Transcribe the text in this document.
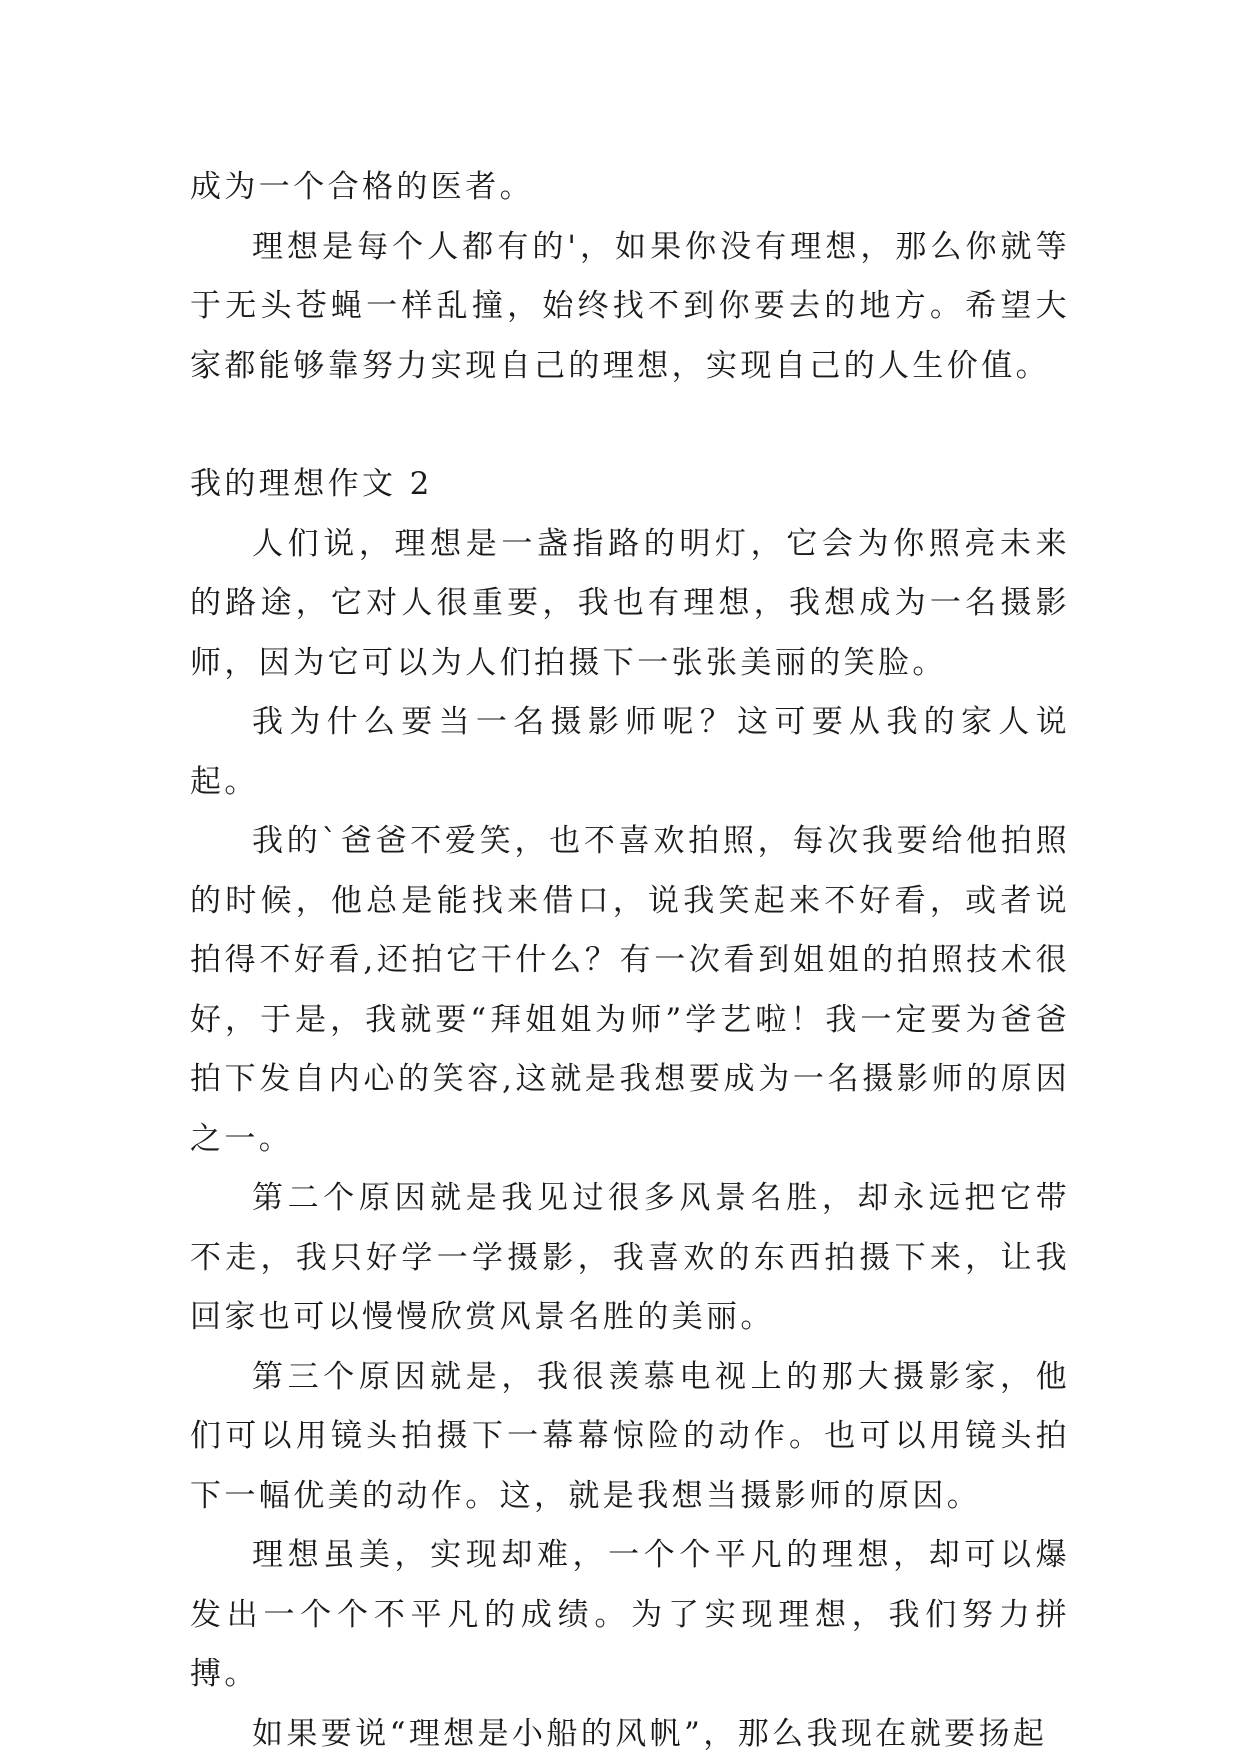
成为一个合格的医者。

理想是每个人都有的'，如果你没有理想，那么你就等于无头苍蝇一样乱撞，始终找不到你要去的地方。希望大家都能够靠努力实现自己的理想，实现自己的人生价值。

我的理想作文 2

人们说，理想是一盏指路的明灯，它会为你照亮未来的路途，它对人很重要，我也有理想，我想成为一名摄影师，因为它可以为人们拍摄下一张张美丽的笑脸。

我为什么要当一名摄影师呢？这可要从我的家人说起。

我的`爸爸不爱笑，也不喜欢拍照，每次我要给他拍照的时候，他总是能找来借口，说我笑起来不好看，或者说拍得不好看,还拍它干什么？有一次看到姐姐的拍照技术很好，于是，我就要“拜姐姐为师”学艺啦！我一定要为爸爸拍下发自内心的笑容,这就是我想要成为一名摄影师的原因之一。

第二个原因就是我见过很多风景名胜，却永远把它带不走，我只好学一学摄影，我喜欢的东西拍摄下来，让我回家也可以慢慢欣赏风景名胜的美丽。

第三个原因就是，我很羡慕电视上的那大摄影家，他们可以用镜头拍摄下一幕幕惊险的动作。也可以用镜头拍下一幅优美的动作。这，就是我想当摄影师的原因。

理想虽美，实现却难，一个个平凡的理想，却可以爆发出一个个不平凡的成绩。为了实现理想，我们努力拼搏。

如果要说“理想是小船的风帆”，那么我现在就要扬起
